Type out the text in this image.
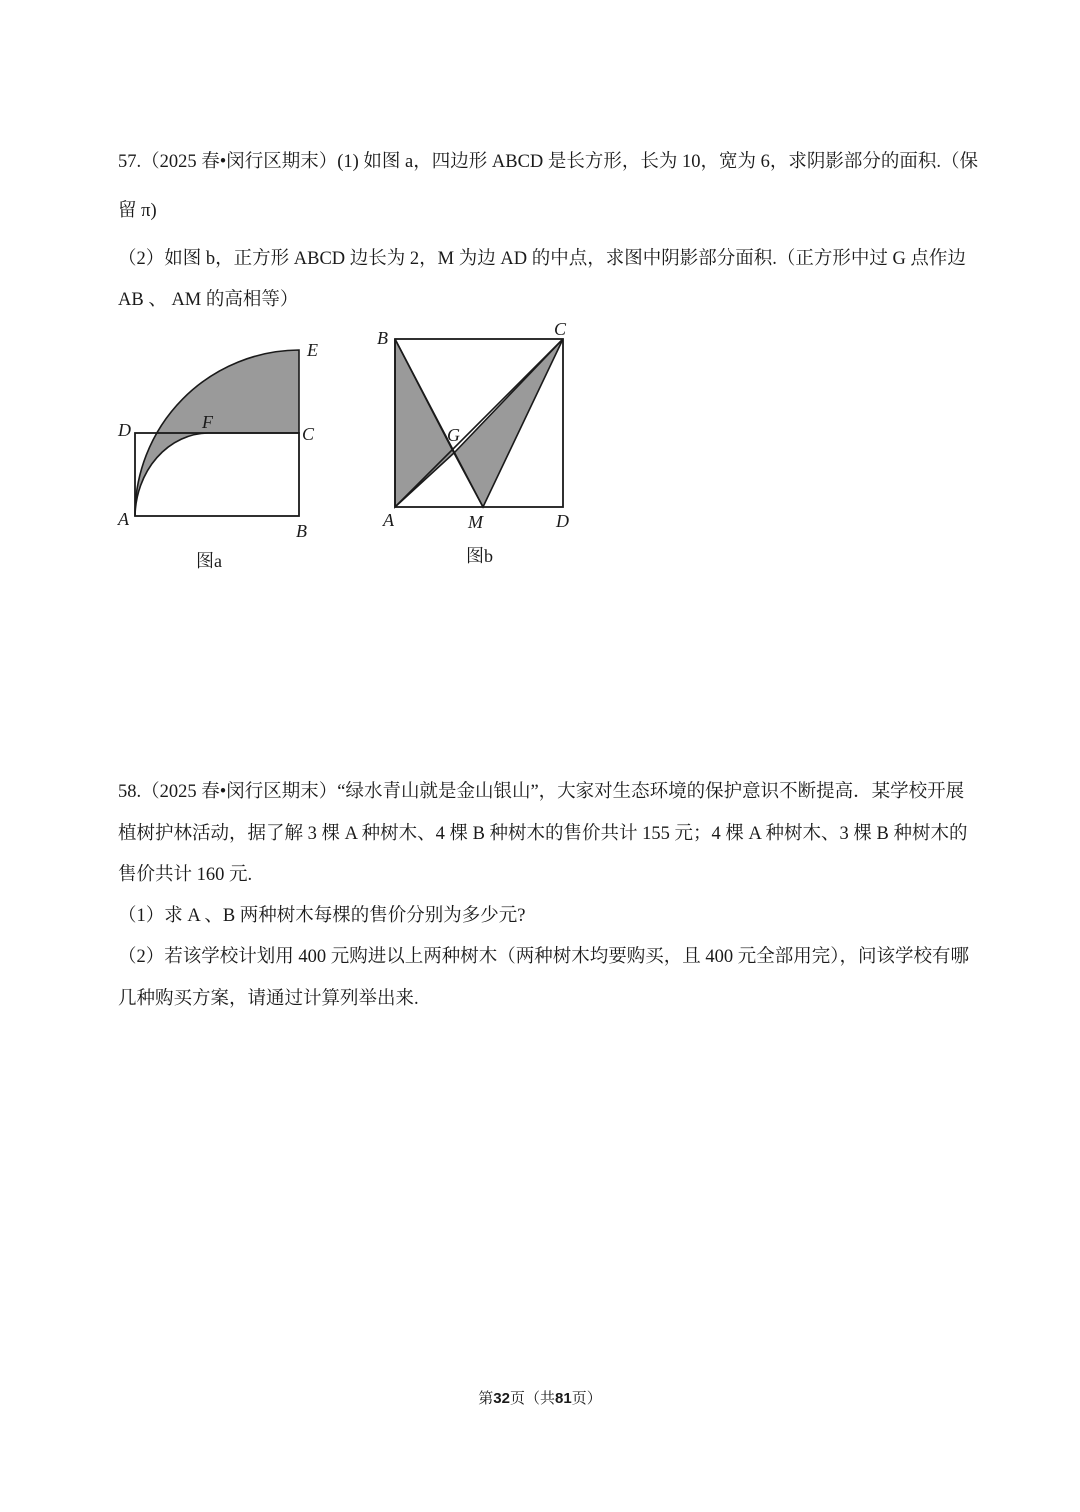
57.（2025 春•闵行区期末）(1) 如图 a，四边形 ABCD 是长方形，长为 10，宽为 6，求阴影部分的面积.（保
留 π)
（2）如图 b，正方形 ABCD 边长为 2，M 为边 AD 的中点，求图中阴影部分面积.（正方形中过 G 点作边
AB 、 AM 的高相等）
A
B
C
D
E
F
图a
A
B	C
D
G
M
图b
58.（2025 春•闵行区期末）“绿水青山就是金山银山”，大家对生态环境的保护意识不断提高．某学校开展
植树护林活动，据了解 3 棵 A 种树木、4 棵 B 种树木的售价共计 155 元；4 棵 A 种树木、3 棵 B 种树木的
售价共计 160 元.
（1）求 A 、B 两种树木每棵的售价分别为多少元?
（2）若该学校计划用 400 元购进以上两种树木（两种树木均要购买，且 400 元全部用完），问该学校有哪
几种购买方案，请通过计算列举出来.
第32页（共81页）
